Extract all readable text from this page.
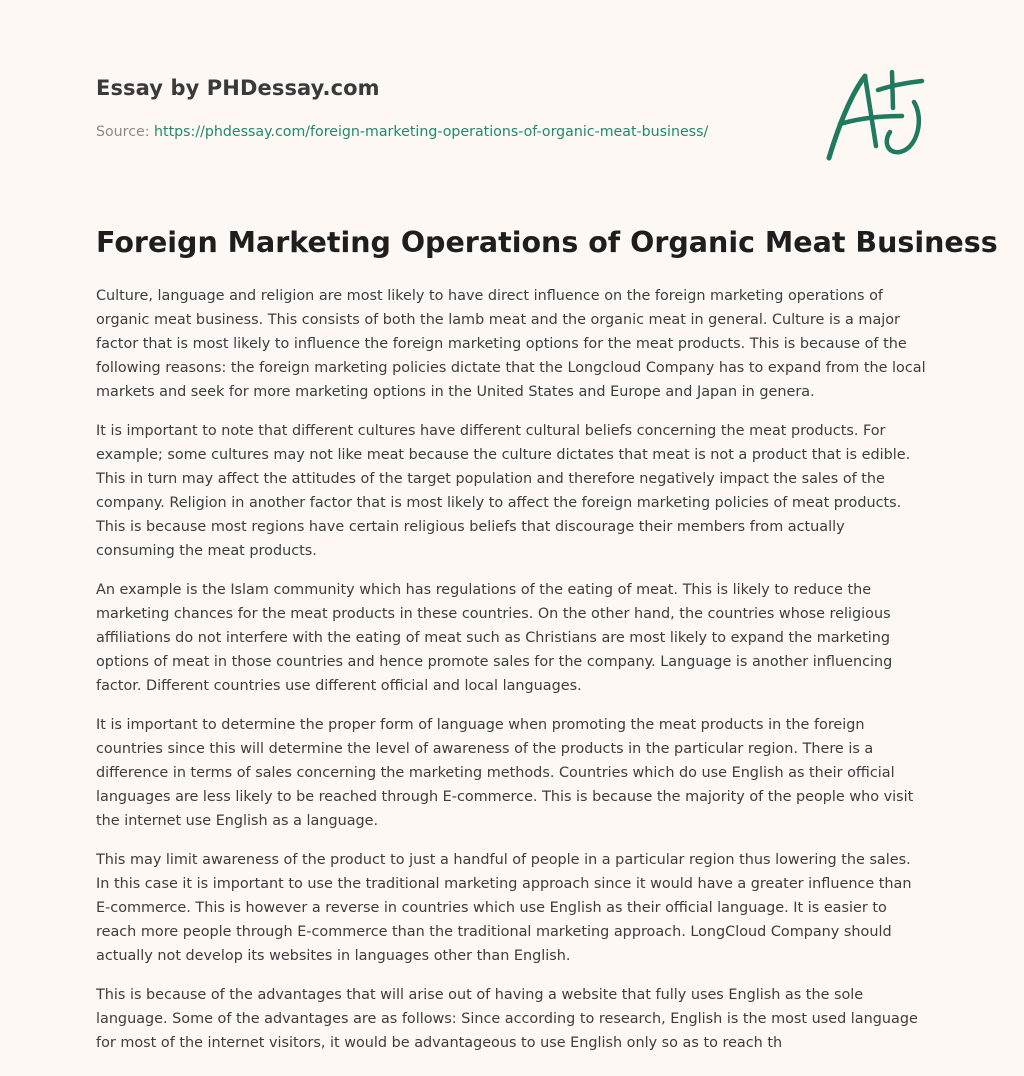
Essay by PHDessay.com
Source: https://phdessay.com/foreign-marketing-operations-of-organic-meat-business/
Foreign Marketing Operations of Organic Meat Business

Culture, language and religion are most likely to have direct influence on the foreign marketing operations of organic meat business. This consists of both the lamb meat and the organic meat in general. Culture is a major factor that is most likely to influence the foreign marketing options for the meat products. This is because of the following reasons: the foreign marketing policies dictate that the Longcloud Company has to expand from the local markets and seek for more marketing options in the United States and Europe and Japan in genera.

It is important to note that different cultures have different cultural beliefs concerning the meat products. For example; some cultures may not like meat because the culture dictates that meat is not a product that is edible. This in turn may affect the attitudes of the target population and therefore negatively impact the sales of the company. Religion in another factor that is most likely to affect the foreign marketing policies of meat products. This is because most regions have certain religious beliefs that discourage their members from actually consuming the meat products.

An example is the Islam community which has regulations of the eating of meat. This is likely to reduce the marketing chances for the meat products in these countries. On the other hand, the countries whose religious affiliations do not interfere with the eating of meat such as Christians are most likely to expand the marketing options of meat in those countries and hence promote sales for the company. Language is another influencing factor. Different countries use different official and local languages.

It is important to determine the proper form of language when promoting the meat products in the foreign countries since this will determine the level of awareness of the products in the particular region. There is a difference in terms of sales concerning the marketing methods. Countries which do use English as their official languages are less likely to be reached through E-commerce. This is because the majority of the people who visit the internet use English as a language.

This may limit awareness of the product to just a handful of people in a particular region thus lowering the sales. In this case it is important to use the traditional marketing approach since it would have a greater influence than E-commerce. This is however a reverse in countries which use English as their official language. It is easier to reach more people through E-commerce than the traditional marketing approach. LongCloud Company should actually not develop its websites in languages other than English.

This is because of the advantages that will arise out of having a website that fully uses English as the sole language. Some of the advantages are as follows: Since according to research, English is the most used language for most of the internet visitors, it would be advantageous to use English only so as to reach th
